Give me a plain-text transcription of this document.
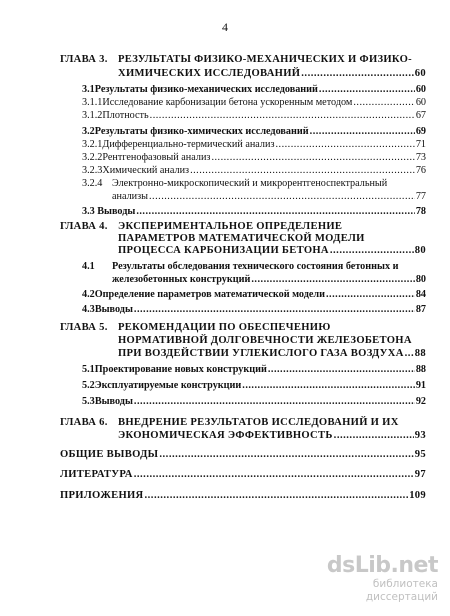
4
ГЛАВА 3. РЕЗУЛЬТАТЫ ФИЗИКО-МЕХАНИЧЕСКИХ И ФИЗИКО-
ХИМИЧЕСКИХ ИССЛЕДОВАНИЙ .....	60
3.1 Результаты физико-механических исследований .....	60
3.1.1 Исследование карбонизации бетона ускоренным методом .....	60
3.1.2 Плотность .....	67
3.2 Результаты физико-химических исследований .....	69
3.2.1 Дифференциально-термический анализ .....	71
3.2.2 Рентгенофазовый анализ .....	73
3.2.3 Химический анализ .....	76
3.2.4 Электронно-микроскопический и микрорентгеноспектральный
анализы .....	77
3.3 Выводы .....	78
ГЛАВА 4. ЭКСПЕРИМЕНТАЛЬНОЕ ОПРЕДЕЛЕНИЕ
ПАРАМЕТРОВ МАТЕМАТИЧЕСКОЙ МОДЕЛИ
ПРОЦЕССА КАРБОНИЗАЦИИ БЕТОНА .....	80
4.1 Результаты обследования технического состояния бетонных и
железобетонных конструкций .....	80
4.2 Определение параметров математической модели .....	84
4.3 Выводы .....	87
ГЛАВА 5. РЕКОМЕНДАЦИИ ПО ОБЕСПЕЧЕНИЮ
НОРМАТИВНОЙ ДОЛГОВЕЧНОСТИ ЖЕЛЕЗОБЕТОНА
ПРИ ВОЗДЕЙСТВИИ УГЛЕКИСЛОГО ГАЗА ВОЗДУХА ..... 88
5.1 Проектирование новых конструкций .....	88
5.2 Эксплуатируемые конструкции .....	91
5.3 Выводы .....	92
ГЛАВА 6. ВНЕДРЕНИЕ РЕЗУЛЬТАТОВ ИССЛЕДОВАНИЙ И ИХ
ЭКОНОМИЧЕСКАЯ ЭФФЕКТИВНОСТЬ .....	93
ОБЩИЕ ВЫВОДЫ .....	95
ЛИТЕРАТУРА .....	97
ПРИЛОЖЕНИЯ .....	109
dsLib.net
библиотека диссертаций
